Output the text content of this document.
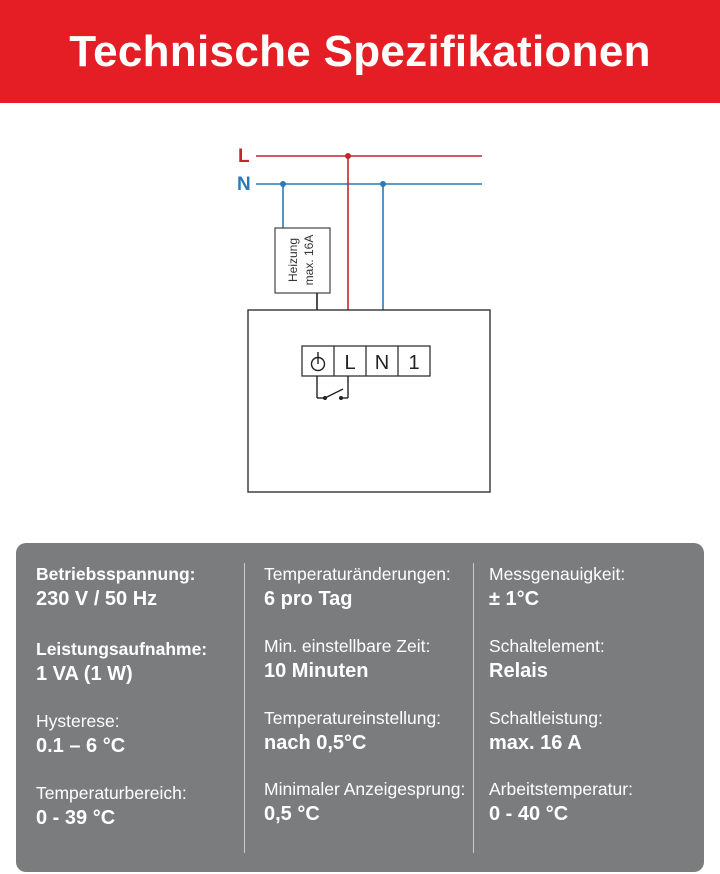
Technische Spezifikationen
L
N
Heizung max. 16A
L N 1
Betriebsspannung:
230 V / 50 Hz
Leistungsaufnahme:
1 VA (1 W)
Hysterese:
0.1 – 6 °C
Temperaturbereich:
0 - 39 °C
Temperaturänderungen:
6 pro Tag
Min. einstellbare Zeit:
10 Minuten
Temperatureinstellung:
nach 0,5°C
Minimaler Anzeigesprung:
0,5 °C
Messgenauigkeit:
± 1°C
Schaltelement:
Relais
Schaltleistung:
max. 16 A
Arbeitstemperatur:
0 - 40 °C
